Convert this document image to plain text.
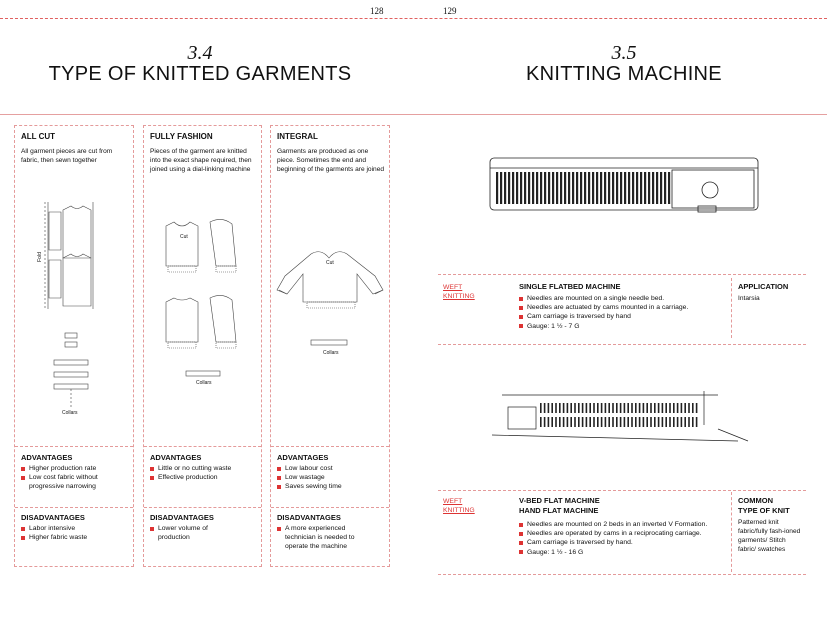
128	129
3.4
TYPE OF KNITTED GARMENTS
3.5
KNITTING MACHINE
ALL CUT
All garment pieces are cut from fabric, then sewn together
Fold
Collars
ADVANTAGES
Higher production rate
Low cost fabric without progressive narrowing
DISADVANTAGES
Labor intensive
Higher fabric waste
FULLY FASHION
Pieces of the garment are knitted into the exact shape required, then joined using a dial-linking machine
Cut
Collars
ADVANTAGES
Little or no cutting waste
Effective production
DISADVANTAGES
Lower volume of production
INTEGRAL
Garments are produced as one piece. Sometimes the end and beginning of the garments are joined
Cut
Collars
ADVANTAGES
Low labour cost
Low wastage
Saves sewing time
DISADVANTAGES
A more experienced technician is needed to operate the machine
WEFT
KNITTING
SINGLE FLATBED MACHINE
Needles are mounted on a single needle bed.
Needles are actuated by cams mounted in a carriage.
Cam carriage is traversed by hand
Gauge: 1 ½ - 7 G
APPLICATION
Intarsia
WEFT
KNITTING
V-BED FLAT MACHINE
HAND FLAT MACHINE
Needles are mounted on 2 beds in an inverted V Formation.
Needles are operated by cams in a reciprocating carriage.
Cam carriage is traversed by hand.
Gauge: 1 ½ - 16 G
COMMON
TYPE OF KNIT
Patterned knit fabric/fully fash-ioned garments/ Stitch fabric/ swatches
